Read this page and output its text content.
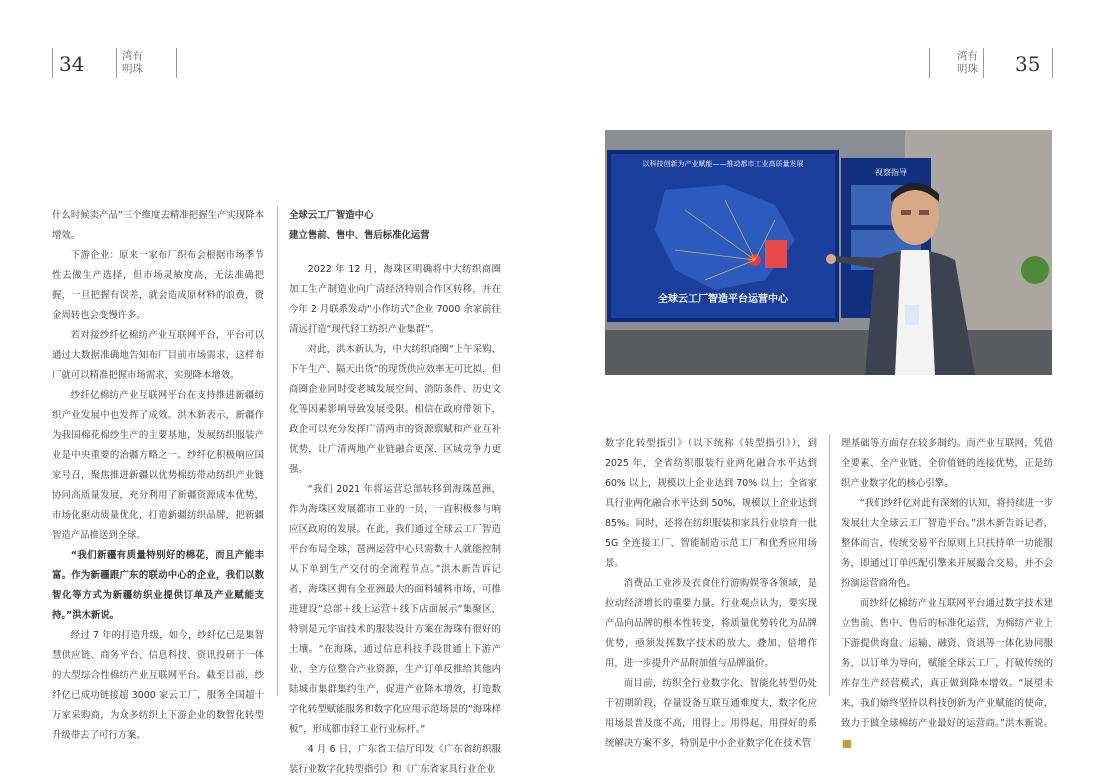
34	湾有
明珠
湾有
明珠 35

什么时候卖产品”三个维度去精准把握生产实现降本增效。

下游企业：原来一家布厂织布会根据市场季节性去做生产选择，但市场灵敏度高，无法准确把握，一旦把握有误差，就会造成原材料的浪费，资金周转也会变慢许多。

若对接纱纤亿棉纺产业互联网平台，平台可以通过大数据准确地告知布厂目前市场需求，这样布厂就可以精准把握市场需求，实现降本增效。

纱纤亿棉纺产业互联网平台在支持推进新疆纺织产业发展中也发挥了成效。洪木新表示，新疆作为我国棉花棉纱生产的主要基地，发展纺织服装产业是中央重要的治疆方略之一。纱纤亿积极响应国家号召，聚焦推进新疆以优势棉纺带动纺织产业链协同高质量发展，充分利用了新疆资源成本优势，市场化驱动质量优化，打造新疆纺织品牌，把新疆智造产品推送到全球。

“我们新疆有质量特别好的棉花，而且产能丰富。作为新疆跟广东的联动中心的企业，我们以数智化等方式为新疆纺织业提供订单及产业赋能支持。”洪木新说。

经过 7 年的打造升级，如今，纱纤亿已是集智慧供应链、商务平台、信息科技、资讯投研于一体的大型综合性棉纺产业互联网平台。截至目前，纱纤亿已成功链接超 3000 家云工厂，服务全国超十万家采购商，为众多纺织上下游企业的数智化转型升级带去了可行方案。

全球云工厂智造中心
建立售前、售中、售后标准化运营

2022 年 12 月，海珠区明确将中大纺织商圈加工生产制造业向广清经济特别合作区转移，并在今年 2 月联系发动“小作坊式”企业 7000 余家前往清远打造“现代轻工纺织产业集群”。

对此，洪木新认为，中大纺织商圈“上午采购、下午生产、隔天出货”的现货供应效率无可比拟，但商圈企业同时受老城发展空间、消防条件、历史文化等因素影响导致发展受限。相信在政府带领下，政企可以充分发挥广清两市的资源禀赋和产业互补优势，让广清两地产业链融合更深、区域竞争力更强。

“我们 2021 年将运营总部转移到海珠琶洲，作为海珠区发展都市工业的一员，一直积极参与响应区政府的发展。在此，我们通过全球云工厂智造平台布局全球，琶洲运营中心只需数十人就能控制从下单到生产交付的全流程节点。”洪木新告诉记者，海珠区拥有全亚洲最大的面料辅料市场，可推进建设“总部＋线上运营＋线下店面展示”集聚区，特别是元宇宙技术的服装设计方案在海珠有很好的土壤。“在海珠，通过信息科技手段贯通上下游产业，全方位整合产业资源，生产订单反推给其他内陆城市集群集约生产，促进产业降本增效，打造数字化转型赋能服务和数字化应用示范场景的“海珠样板”，形成都市轻工业行业标杆。”

4 月 6 日，广东省工信厅印发《广东省纺织服装行业数字化转型指引》和《广东省家具行业企业

以科技创新为产业赋能——推动都市工业高质量发展
全球云工厂智造平台运营中心
视察指导

数字化转型指引》（以下统称《转型指引》），到 2025 年，全省纺织服装行业两化融合水平达到 60% 以上，规模以上企业达到 70% 以上；全省家具行业两化融合水平达到 50%，规模以上企业达到 85%。同时，还将在纺织服装和家具行业培育一批 5G 全连接工厂、智能制造示范工厂和优秀应用场景。

消费品工业涉及衣食住行游购娱等各领域，是拉动经济增长的重要力量。行业观点认为，要实现产品向品牌的根本性转变，将质量优势转化为品牌优势，亟须发挥数字技术的放大、叠加、倍增作用，进一步提升产品附加值与品牌溢价。

而目前，纺织全行业数字化、智能化转型仍处于初期阶段，存量设备互联互通难度大，数字化应用场景普及度不高，用得上、用得起、用得好的系统解决方案不多，特别是中小企业数字化在技术管

理基础等方面存在较多制约。而产业互联网，凭借全要素、全产业链、全价值链的连接优势，正是纺织产业数字化的核心引擎。

“我们纱纤亿对此有深刻的认知，将持续进一步发展壮大全球云工厂智造平台。”洪木新告诉记者，整体而言，传统交易平台原则上只扶持单一功能服务，即通过订单匹配引擎来开展撮合交易，并不会扮演运营商角色。

而纱纤亿棉纺产业互联网平台通过数字技术建立售前、售中、售后的标准化运营，为棉纺产业上下游提供询盘、运输、融资、资讯等一体化协同服务，以订单为导向，赋能全球云工厂，打破传统的库存生产经营模式，真正做到降本增效。“展望未来，我们始终坚持以科技创新为产业赋能的使命，致力于做全球棉纺产业最好的运营商。”洪木新说。
